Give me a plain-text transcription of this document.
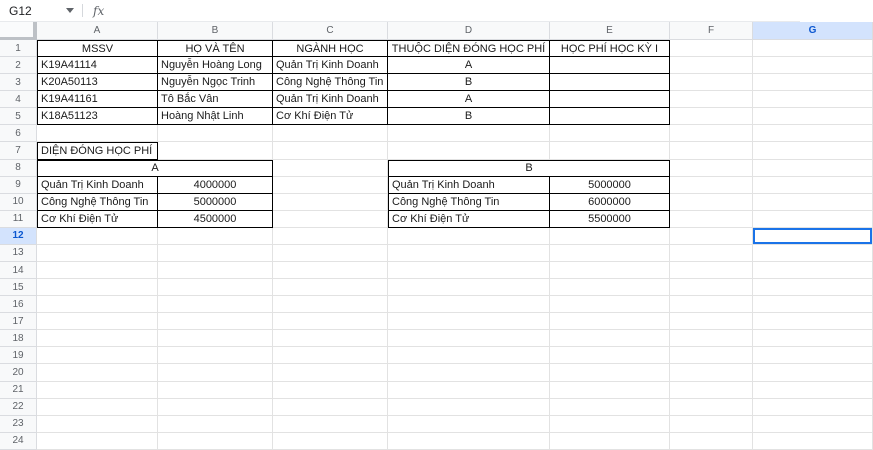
G12	fx
A	B	C	D	E	F	G
1	MSSV	HỌ VÀ TÊN	NGÀNH HỌC	THUỘC DIỆN ĐÓNG HỌC PHÍ	HỌC PHÍ HỌC KỲ I
2	K19A41114	Nguyễn Hoàng Long	Quản Trị Kinh Doanh	A
3	K20A50113	Nguyễn Ngọc Trinh	Công Nghệ Thông Tin	B
4	K19A41161	Tô Bắc Vân	Quản Trị Kinh Doanh	A
5	K18A51123	Hoàng Nhật Linh	Cơ Khí Điện Tử	B
6
7	DIỆN ĐÓNG HỌC PHÍ
8	A	B
9	Quản Trị Kinh Doanh	4000000	Quản Trị Kinh Doanh	5000000
10	Công Nghệ Thông Tin	5000000	Công Nghệ Thông Tin	6000000
11	Cơ Khí Điện Tử	4500000	Cơ Khí Điện Tử	5500000
12
13
14
15
16
17
18
19
20
21
22
23
24
